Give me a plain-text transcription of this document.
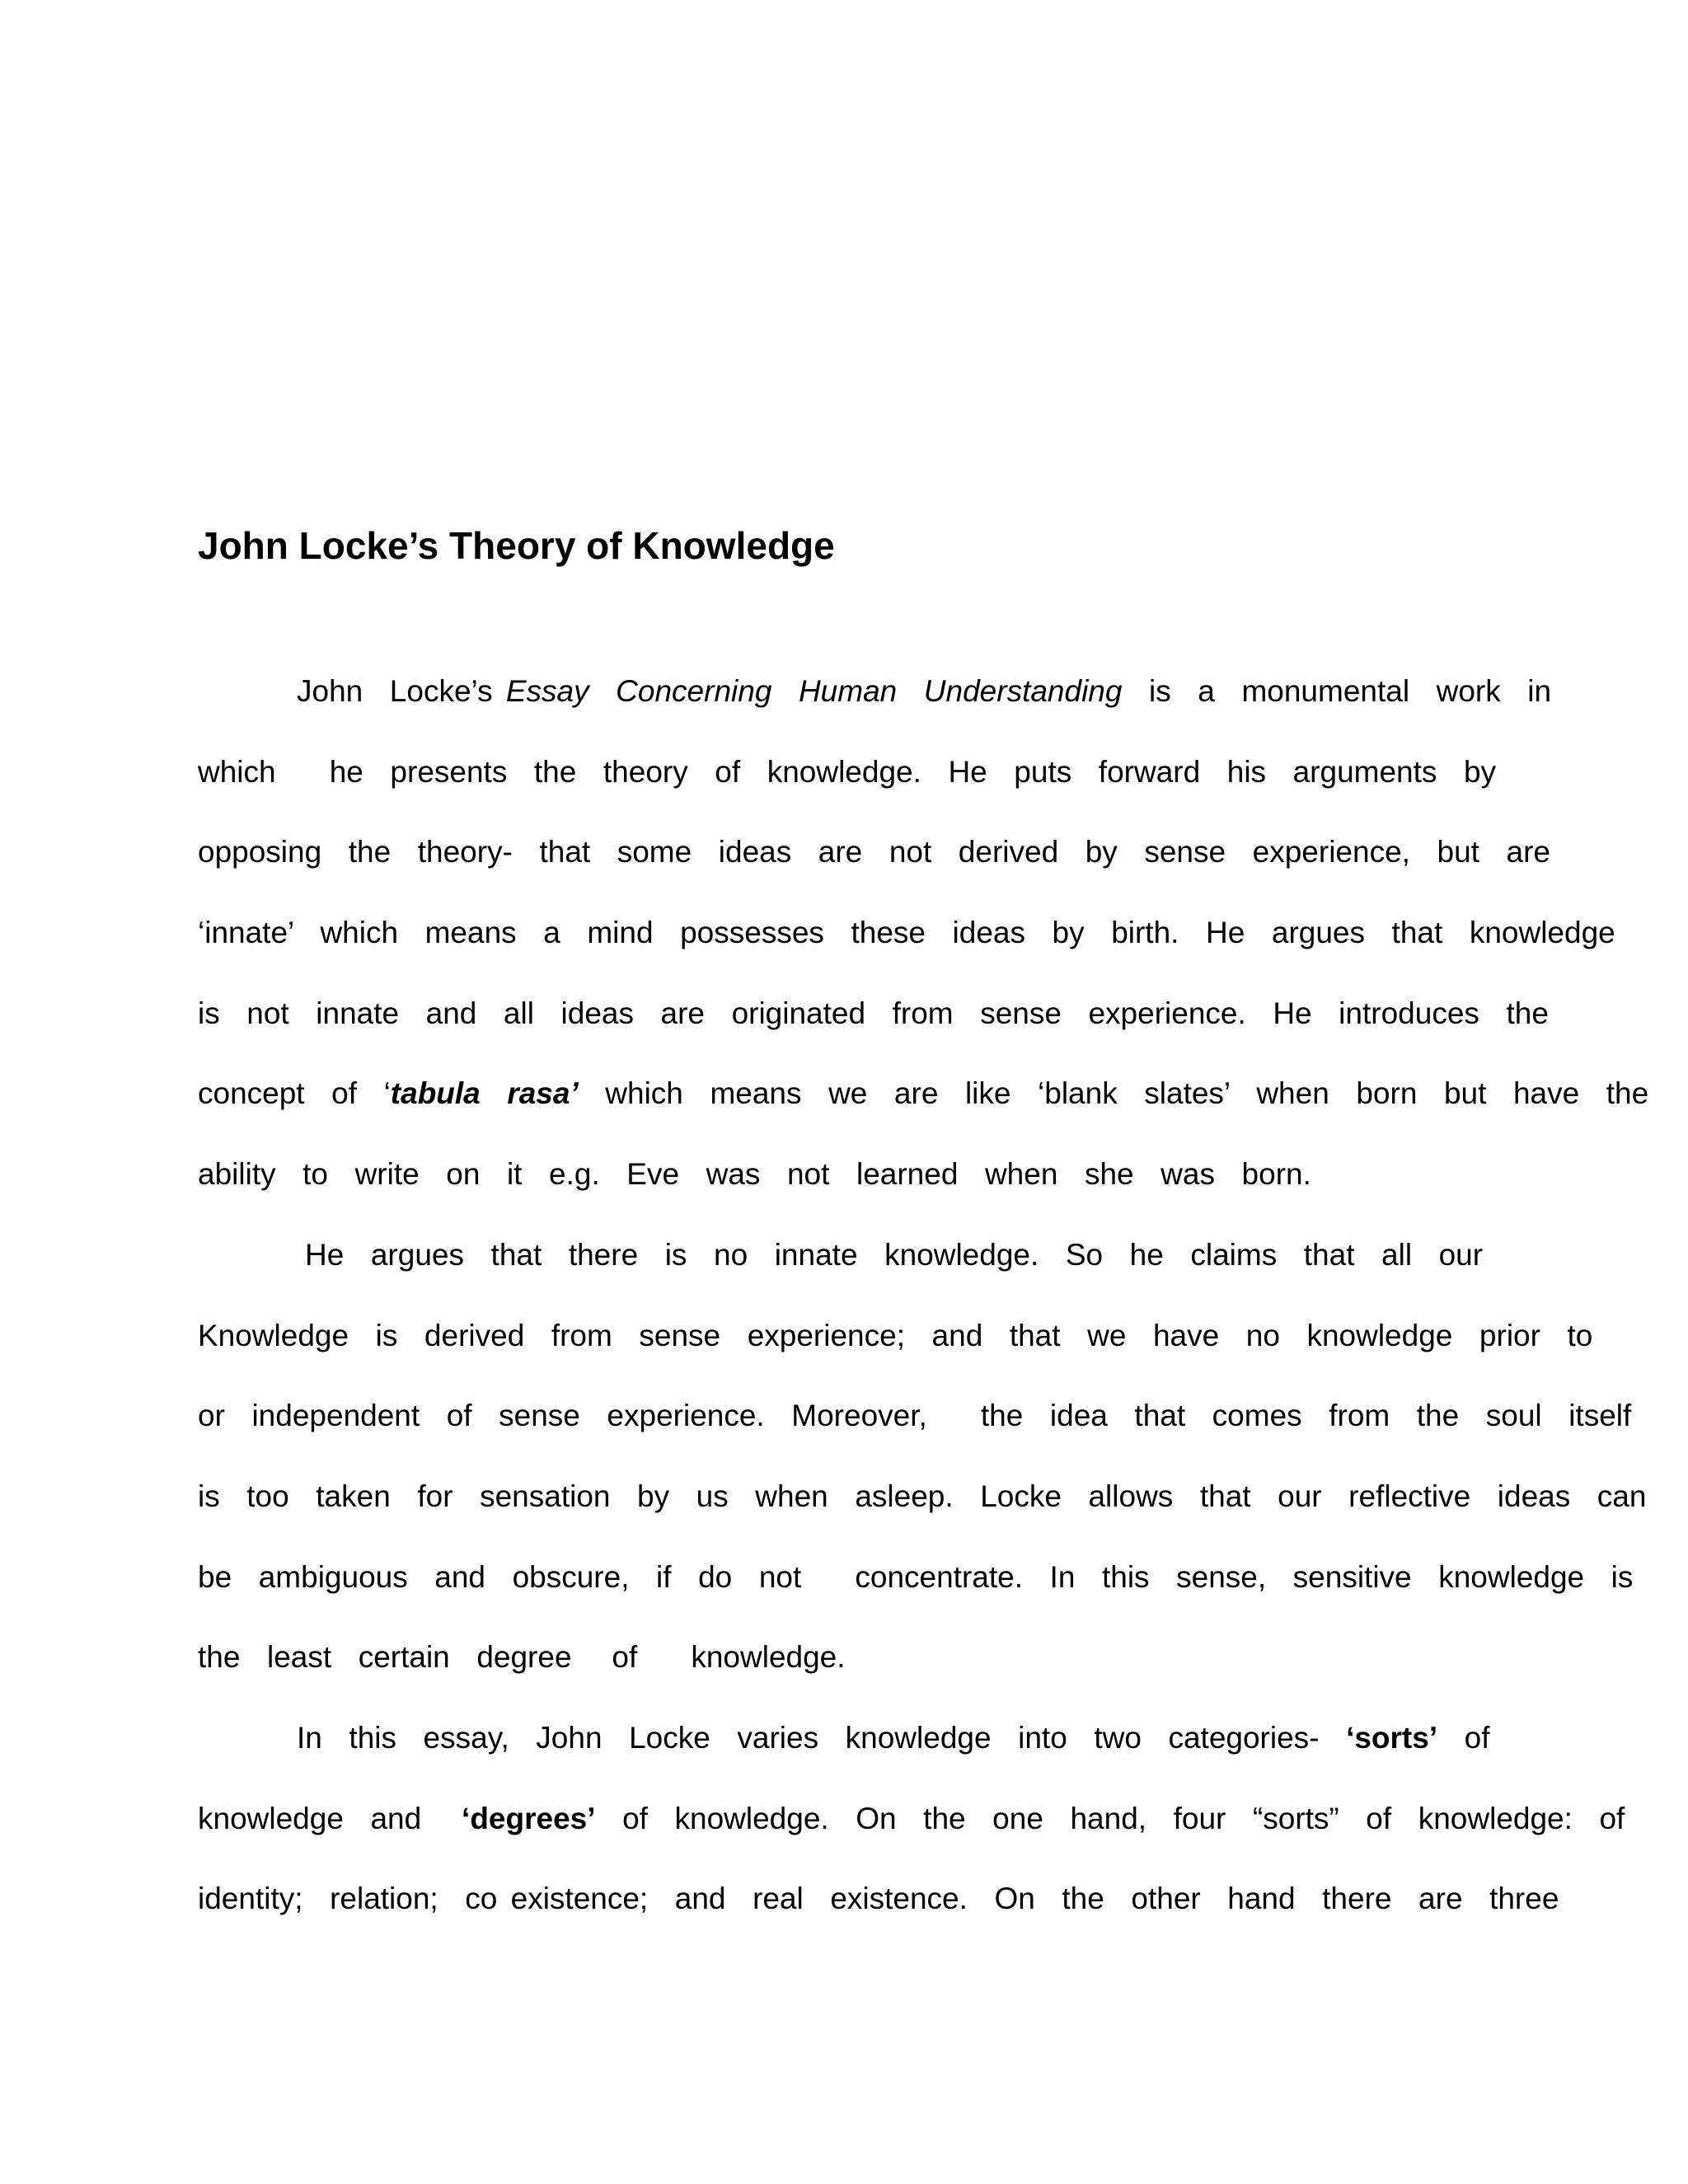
John Locke’s Theory of Knowledge
John  Locke’s Essay  Concerning  Human  Understanding  is  a  monumental  work  in
which    he  presents  the  theory  of  knowledge.  He  puts  forward  his  arguments  by
opposing  the  theory-  that  some  ideas  are  not  derived  by  sense  experience,  but  are
‘innate’  which  means  a  mind  possesses  these  ideas  by  birth.  He  argues  that  knowledge
is  not  innate  and  all  ideas  are  originated  from  sense  experience.  He  introduces  the
concept  of  ‘tabula  rasa’  which  means  we  are  like  ‘blank  slates’  when  born  but  have  the
ability  to  write  on  it  e.g.  Eve  was  not  learned  when  she  was  born.
He  argues  that  there  is  no  innate  knowledge.  So  he  claims  that  all  our
Knowledge  is  derived  from  sense  experience;  and  that  we  have  no  knowledge  prior  to
or  independent  of  sense  experience.  Moreover,    the  idea  that  comes  from  the  soul  itself
is  too  taken  for  sensation  by  us  when  asleep.  Locke  allows  that  our  reflective  ideas  can
be  ambiguous  and  obscure,  if  do  not    concentrate.  In  this  sense,  sensitive  knowledge  is
the  least  certain  degree   of    knowledge.
In  this  essay,  John  Locke  varies  knowledge  into  two  categories-  ‘sorts’  of
knowledge  and   ‘degrees’  of  knowledge.  On  the  one  hand,  four  “sorts”  of  knowledge:  of
identity;  relation;  co existence;  and  real  existence.  On  the  other  hand  there  are  three
